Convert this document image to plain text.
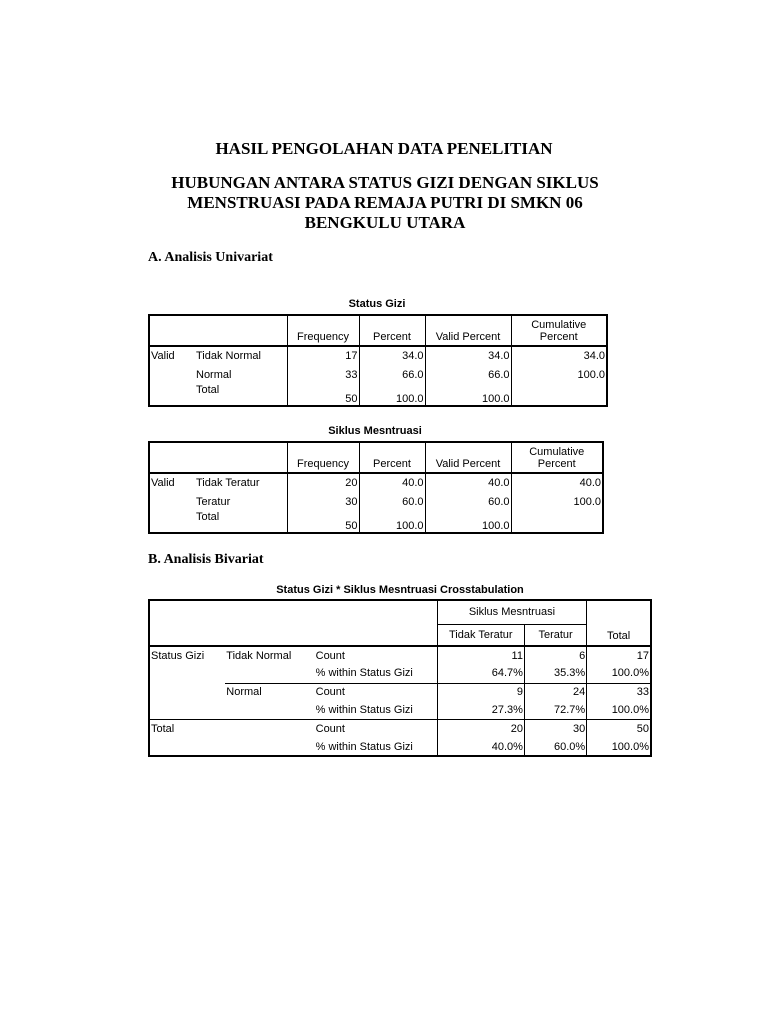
HASIL PENGOLAHAN DATA PENELITIAN
HUBUNGAN ANTARA STATUS GIZI DENGAN SIKLUS
MENSTRUASI PADA REMAJA PUTRI DI SMKN 06
BENGKULU UTARA
A. Analisis Univariat
Status Gizi
		Frequency	Percent	Valid Percent	Cumulative
Percent

Valid	Tidak Normal	17	34.0	34.0	34.0
	Normal	33	66.0	66.0	100.0
	Total	50	100.0	100.0	
Siklus Mesntruasi
		Frequency	Percent	Valid Percent	Cumulative
Percent

Valid	Tidak Teratur	20	40.0	40.0	40.0
	Teratur	30	60.0	60.0	100.0
	Total	50	100.0	100.0	
B. Analisis Bivariat
Status Gizi * Siklus Mesntruasi Crosstabulation
			Siklus Mesntruasi		Total
			Tidak Teratur	Teratur	
Status Gizi	Tidak Normal	Count	11	6	17
		% within Status Gizi	64.7%	35.3%	100.0%
	Normal	Count	9	24	33
		% within Status Gizi	27.3%	72.7%	100.0%
Total		Count	20	30	50
		% within Status Gizi	40.0%	60.0%	100.0%
